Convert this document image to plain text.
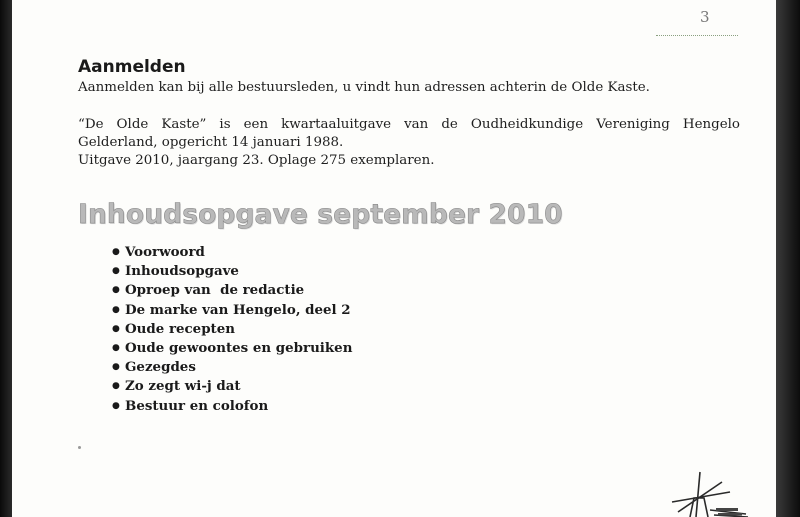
3
Aanmelden

Aanmelden kan bij alle bestuursleden, u vindt hun adressen achterin de Olde Kaste.

“De Olde Kaste” is een kwartaaluitgave van de Oudheidkundige Vereniging Hengelo
Gelderland, opgericht 14 januari 1988.

Uitgave 2010, jaargang 23. Oplage 275 exemplaren.

Inhoudsopgave september 2010
● Voorwoord
● Inhoudsopgave
● Oproep van  de redactie
● De marke van Hengelo, deel 2
● Oude recepten
● Oude gewoontes en gebruiken
● Gezegdes
● Zo zegt wi-j dat
● Bestuur en colofon
